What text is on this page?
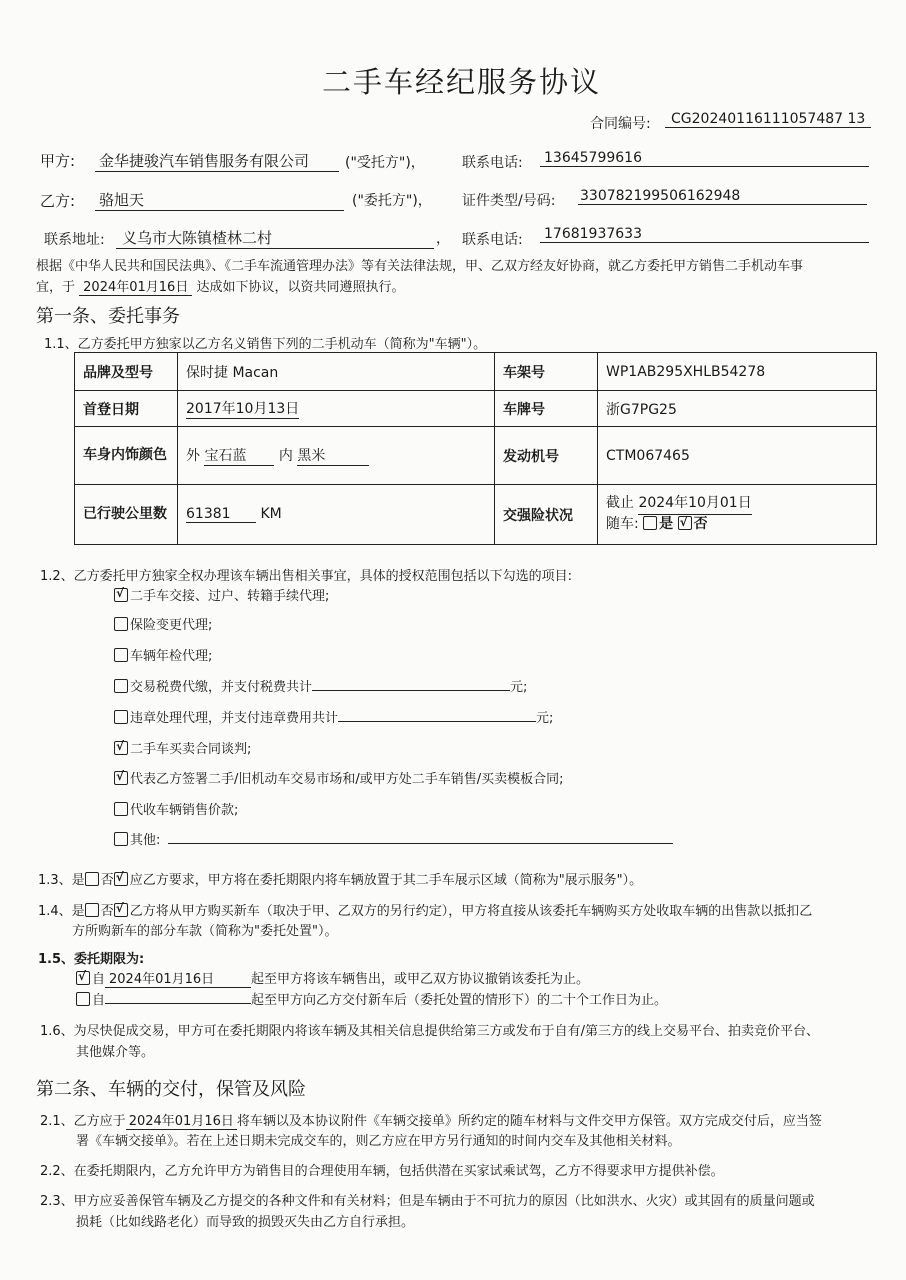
二手车经纪服务协议
合同编号:	CG20240116111057487 13
甲方: 金华捷骏汽车销售服务有限公司	("受托方")，	联系电话: 13645799616
乙方: 骆旭天	("委托方")， 证件类型/号码: 330782199506162948
联系地址:	义乌市大陈镇楂林二村	， 联系电话: 17681937633
根据《中华人民共和国民法典》、《二手车流通管理办法》等有关法律法规，甲、乙双方经友好协商，就乙方委托甲方销售二手机动车事
宜，于 2024年01月16日 达成如下协议，以资共同遵照执行。
第一条、委托事务
1.1、乙方委托甲方独家以乙方名义销售下列的二手机动车（简称为"车辆"）。
品牌及型号	保时捷 Macan	车架号	WP1AB295XHLB54278
首登日期	2017年10月13日	车牌号	浙G7PG25
车身内饰颜色	外 宝石蓝 内 黑米	发动机号	CTM067465
已行驶公里数	61381 KM	交强险状况	截止 2024年10月01日
随车: 是 √ 否
1.2、乙方委托甲方独家全权办理该车辆出售相关事宜，具体的授权范围包括以下勾选的项目:
√二手车交接、过户、转籍手续代理;
保险变更代理;
车辆年检代理;
交易税费代缴，并支付税费共计	元;
违章处理代理，并支付违章费用共计	元;
√二手车买卖合同谈判;
√代表乙方签署二手/旧机动车交易市场和/或甲方处二手车销售/买卖模板合同;
代收车辆销售价款;
其他:
1.3、是 否 √ 应乙方要求，甲方将在委托期限内将车辆放置于其二手车展示区域（简称为"展示服务"）。
1.4、是 否 √ 乙方将从甲方购买新车（取决于甲、乙双方的另行约定），甲方将直接从该委托车辆购买方处收取车辆的出售款以抵扣乙
方所购新车的部分车款（简称为"委托处置"）。
1.5、委托期限为:
√自 2024年01月16日	起至甲方将该车辆售出，或甲乙双方协议撤销该委托为止。
自	起至甲方向乙方交付新车后（委托处置的情形下）的二十个工作日为止。
1.6、为尽快促成交易，甲方可在委托期限内将该车辆及其相关信息提供给第三方或发布于自有/第三方的线上交易平台、拍卖竞价平台、
其他媒介等。
第二条、车辆的交付，保管及风险
2.1、乙方应于 2024年01月16日 将车辆以及本协议附件《车辆交接单》所约定的随车材料与文件交甲方保管。双方完成交付后，应当签
署《车辆交接单》。若在上述日期未完成交车的，则乙方应在甲方另行通知的时间内交车及其他相关材料。
2.2、在委托期限内，乙方允许甲方为销售目的合理使用车辆，包括供潜在买家试乘试驾，乙方不得要求甲方提供补偿。
2.3、甲方应妥善保管车辆及乙方提交的各种文件和有关材料；但是车辆由于不可抗力的原因（比如洪水、火灾）或其固有的质量问题或
损耗（比如线路老化）而导致的损毁灭失由乙方自行承担。
